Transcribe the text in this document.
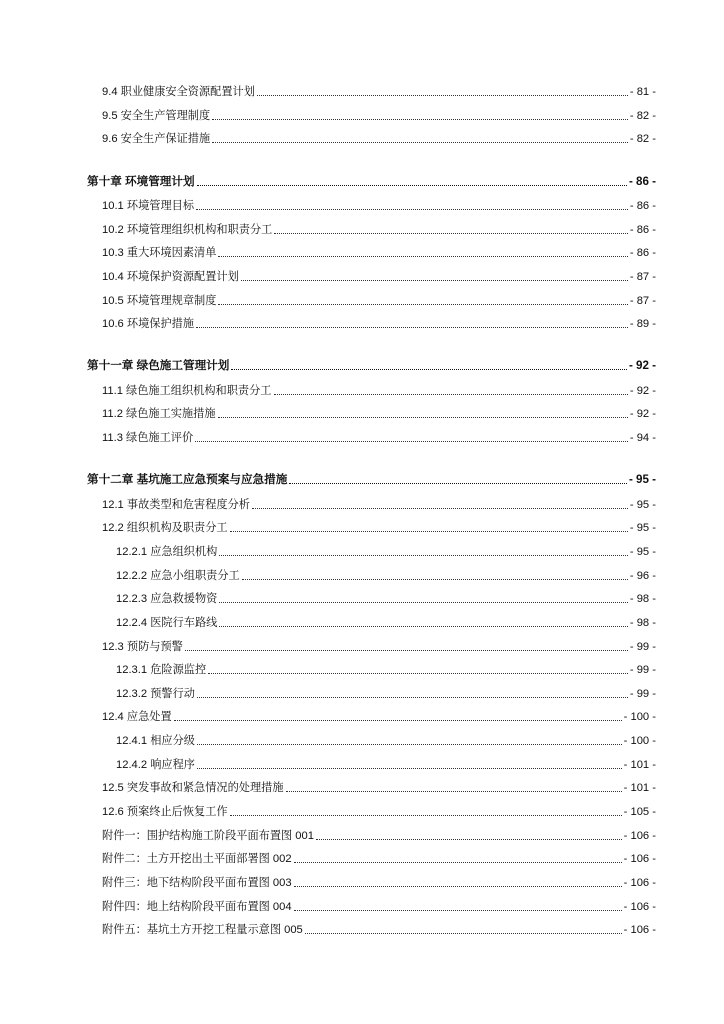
9.4 职业健康安全资源配置计划	- 81 -
9.5 安全生产管理制度	- 82 -
9.6 安全生产保证措施	- 82 -
第十章 环境管理计划	- 86 -
10.1 环境管理目标	- 86 -
10.2 环境管理组织机构和职责分工	- 86 -
10.3 重大环境因素清单	- 86 -
10.4 环境保护资源配置计划	- 87 -
10.5 环境管理规章制度	- 87 -
10.6 环境保护措施	- 89 -
第十一章 绿色施工管理计划	- 92 -
11.1 绿色施工组织机构和职责分工	- 92 -
11.2 绿色施工实施措施	- 92 -
11.3 绿色施工评价	- 94 -
第十二章 基坑施工应急预案与应急措施	- 95 -
12.1 事故类型和危害程度分析	- 95 -
12.2 组织机构及职责分工	- 95 -
12.2.1 应急组织机构	- 95 -
12.2.2 应急小组职责分工	- 96 -
12.2.3 应急救援物资	- 98 -
12.2.4 医院行车路线	- 98 -
12.3 预防与预警	- 99 -
12.3.1 危险源监控	- 99 -
12.3.2 预警行动	- 99 -
12.4 应急处置	- 100 -
12.4.1 相应分级	- 100 -
12.4.2 响应程序	- 101 -
12.5 突发事故和紧急情况的处理措施	- 101 -
12.6 预案终止后恢复工作	- 105 -
附件一：围护结构施工阶段平面布置图 001	- 106 -
附件二：土方开挖出土平面部署图 002	- 106 -
附件三：地下结构阶段平面布置图 003	- 106 -
附件四：地上结构阶段平面布置图 004	- 106 -
附件五：基坑土方开挖工程量示意图 005	- 106 -
